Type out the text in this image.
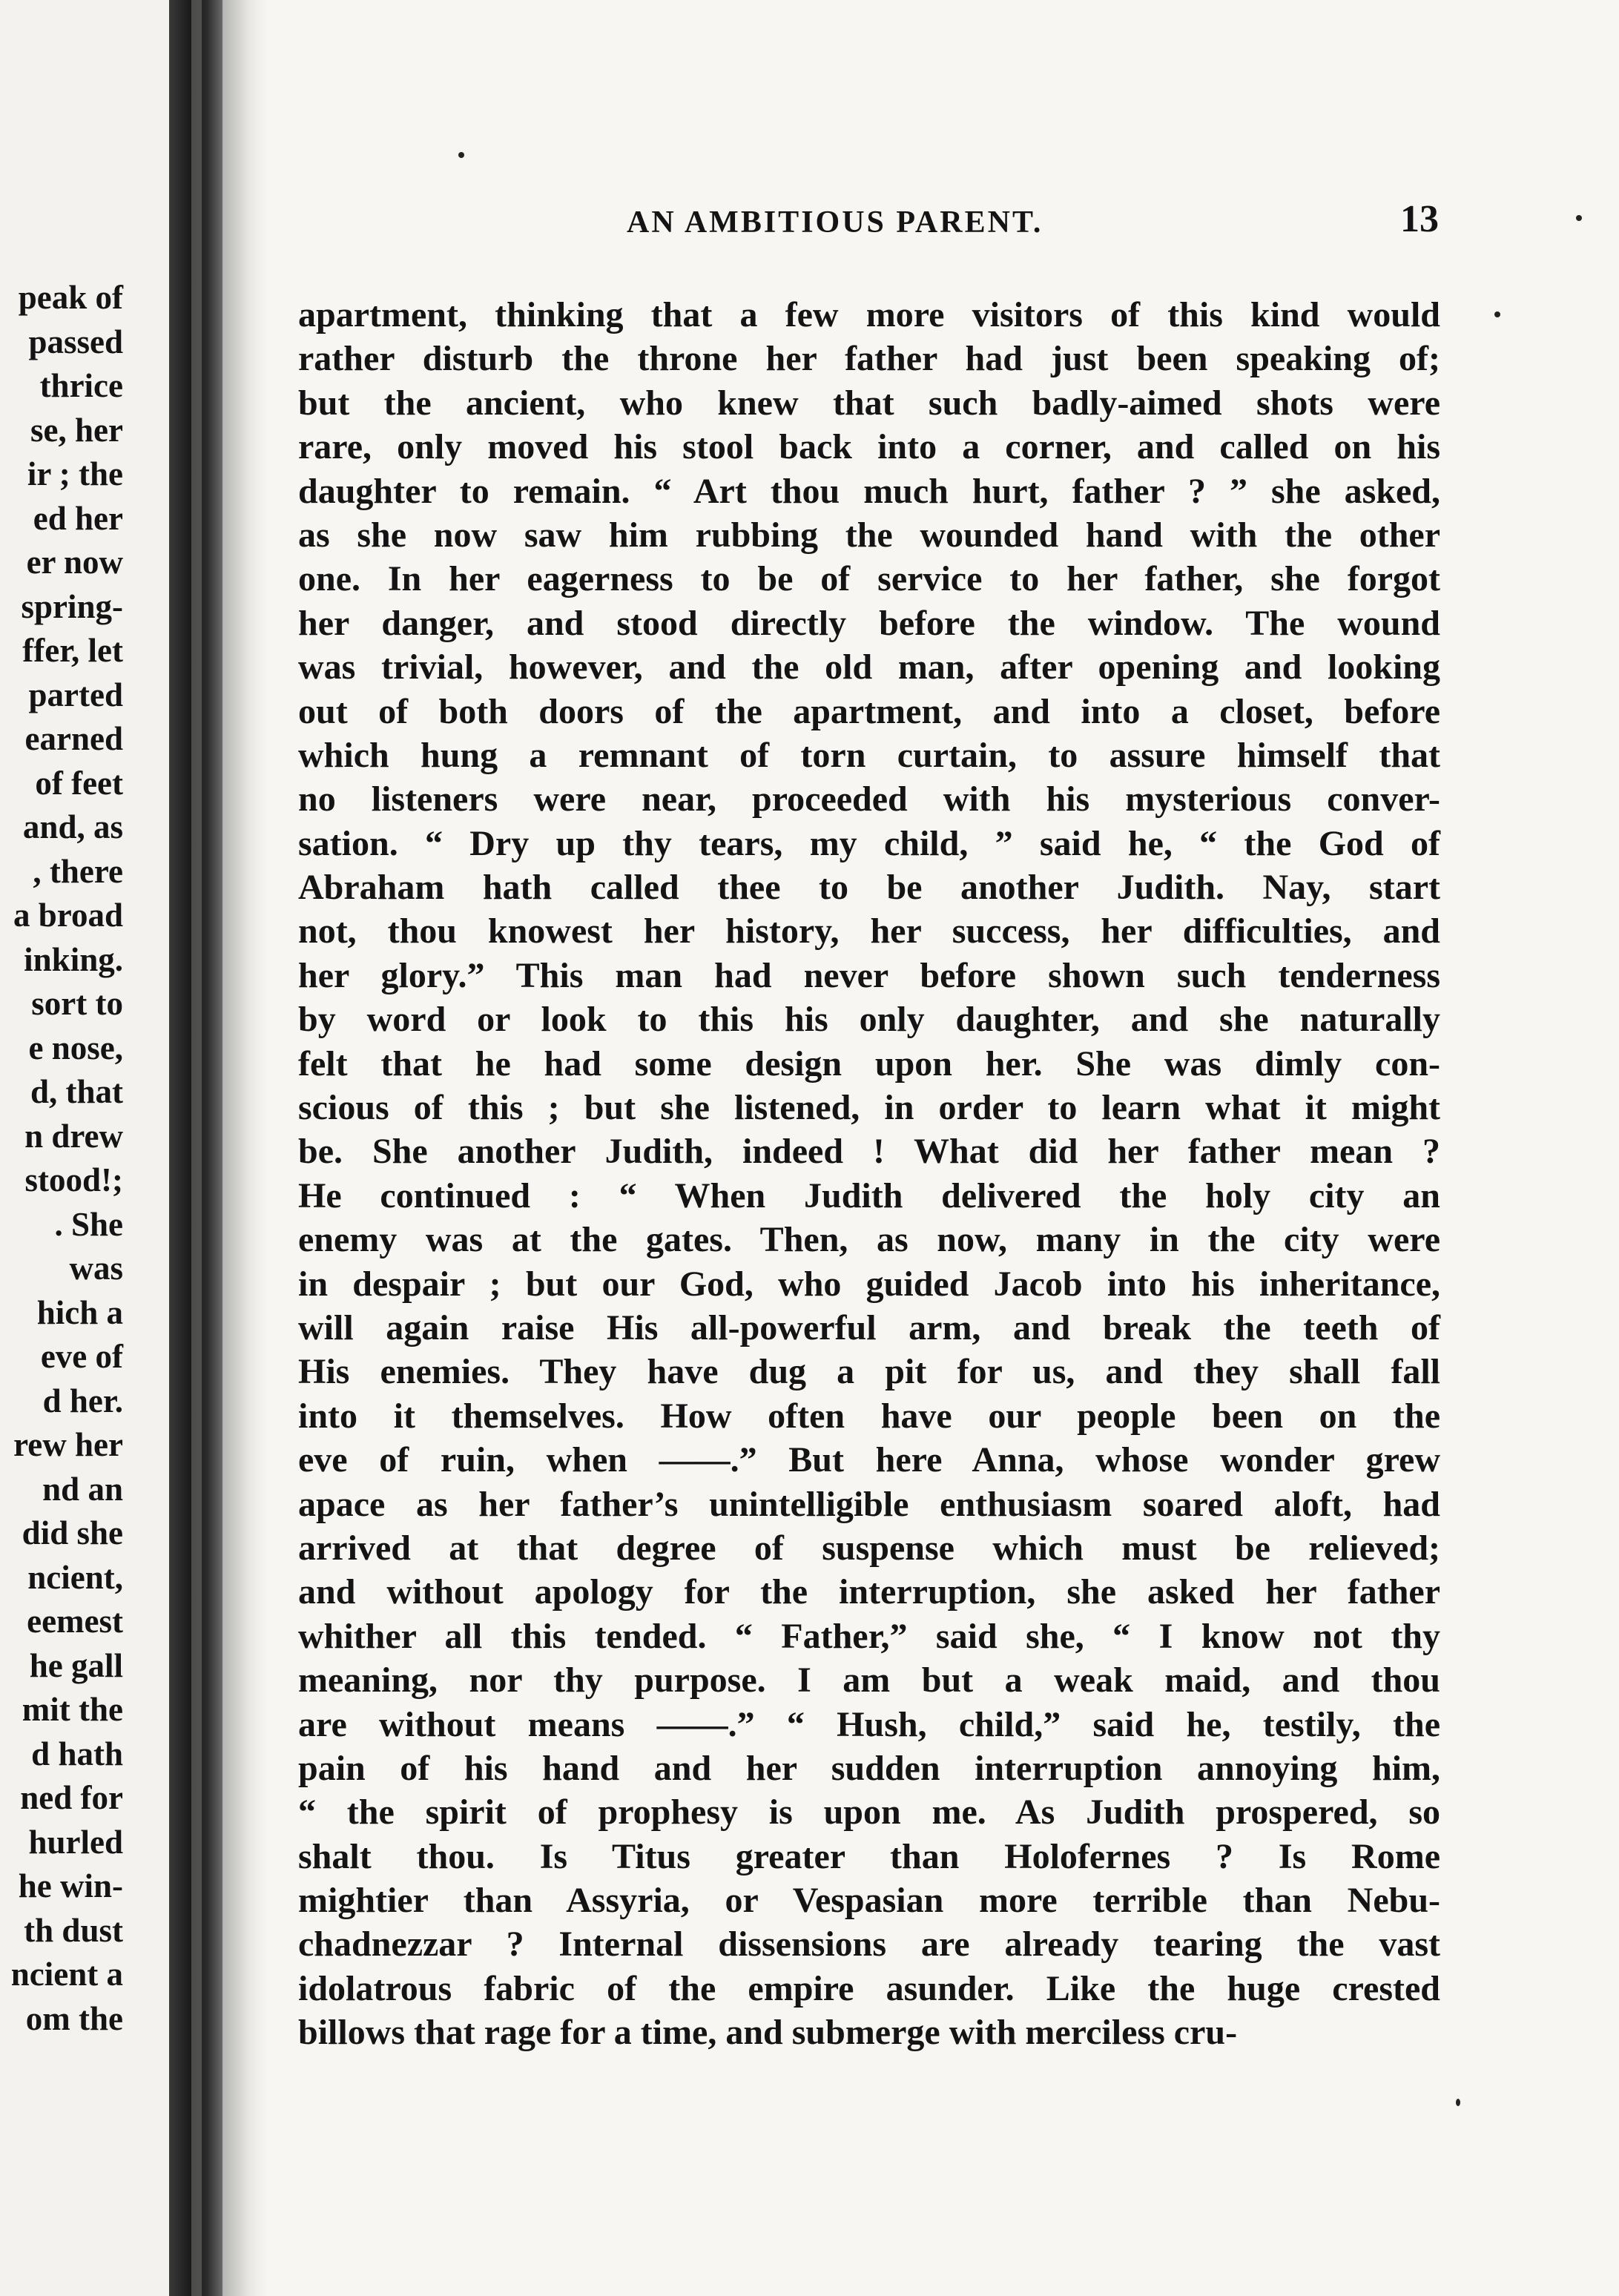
peak of
passed
thrice
se, her
ir ; the
ed her
er now
spring-
ffer, let
parted
earned
of feet
and, as
, there
a broad
inking.
sort to
e nose,
d, that
n drew
stood!;
. She
was
hich a
eve of
d her.
rew her
nd an
did she
ncient,
eemest
he gall
mit the
d hath
ned for
hurled
he win-
th dust
ncient a
om the
AN AMBITIOUS PARENT.	13
apartment, thinking that a few more visitors of this kind would
rather disturb the throne her father had just been speaking of;
but the ancient, who knew that such badly-aimed shots were
rare, only moved his stool back into a corner, and called on his
daughter to remain. “ Art thou much hurt, father ? ” she asked,
as she now saw him rubbing the wounded hand with the other
one. In her eagerness to be of service to her father, she forgot
her danger, and stood directly before the window. The wound
was trivial, however, and the old man, after opening and looking
out of both doors of the apartment, and into a closet, before
which hung a remnant of torn curtain, to assure himself that
no listeners were near, proceeded with his mysterious conver-
sation. “ Dry up thy tears, my child, ” said he, “ the God of
Abraham hath called thee to be another Judith. Nay, start
not, thou knowest her history, her success, her difficulties, and
her glory.” This man had never before shown such tenderness
by word or look to this his only daughter, and she naturally
felt that he had some design upon her. She was dimly con-
scious of this ; but she listened, in order to learn what it might
be. She another Judith, indeed ! What did her father mean ?
He continued : “ When Judith delivered the holy city an
enemy was at the gates. Then, as now, many in the city were
in despair ; but our God, who guided Jacob into his inheritance,
will again raise His all-powerful arm, and break the teeth of
His enemies. They have dug a pit for us, and they shall fall
into it themselves. How often have our people been on the
eve of ruin, when ——.” But here Anna, whose wonder grew
apace as her father’s unintelligible enthusiasm soared aloft, had
arrived at that degree of suspense which must be relieved;
and without apology for the interruption, she asked her father
whither all this tended. “ Father,” said she, “ I know not thy
meaning, nor thy purpose. I am but a weak maid, and thou
are without means ——.” “ Hush, child,” said he, testily, the
pain of his hand and her sudden interruption annoying him,
“ the spirit of prophesy is upon me. As Judith prospered, so
shalt thou. Is Titus greater than Holofernes ? Is Rome
mightier than Assyria, or Vespasian more terrible than Nebu-
chadnezzar ? Internal dissensions are already tearing the vast
idolatrous fabric of the empire asunder. Like the huge crested
billows that rage for a time, and submerge with merciless cru-
